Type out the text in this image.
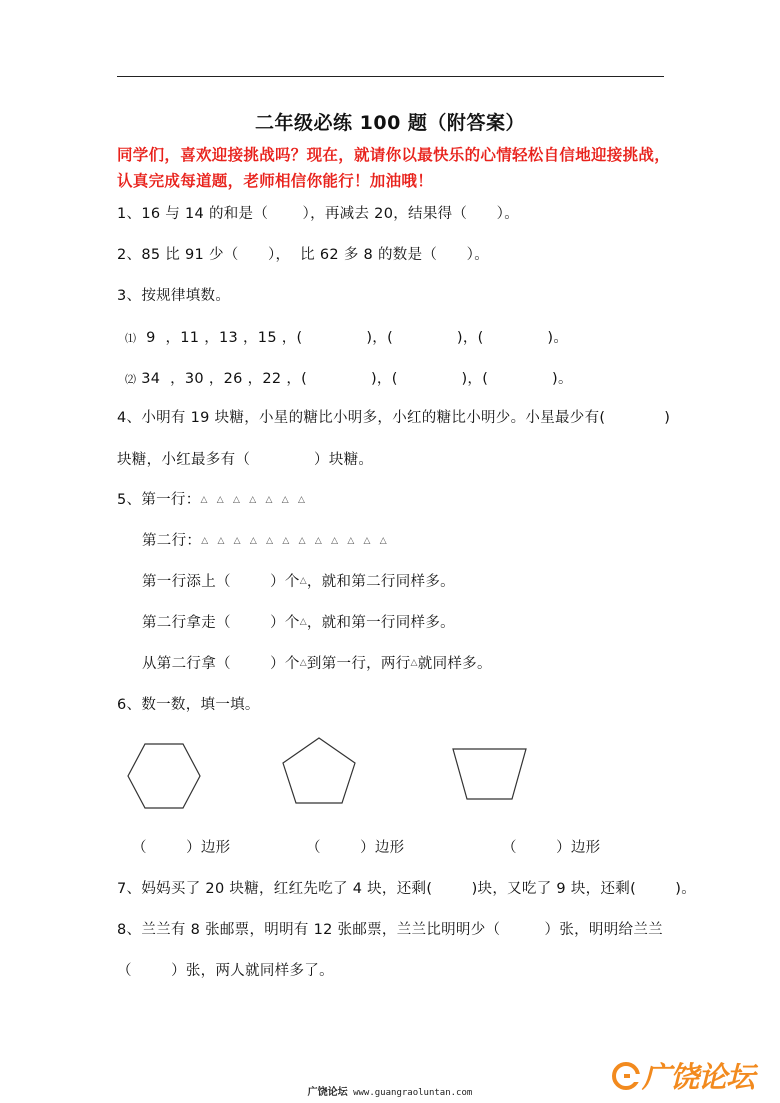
二年级必练 100 题（附答案）
同学们，喜欢迎接挑战吗？现在，就请你以最快乐的心情轻松自信地迎接挑战，
认真完成每道题，老师相信你能行！加油哦！
1、16 与 14 的和是（       ），再减去 20，结果得（      ）。
2、85 比 91 少（      ），  比 62 多 8 的数是（      ）。
3、按规律填数。
⑴  9  ，11 ，13 ，15 ，(             )，(             )，(             )。
⑵ 34  ，30 ，26 ，22 ，(             )，(             )，(             )。
4、小明有 19 块糖，小星的糖比小明多，小红的糖比小明少。小星最少有(            )
块糖，小红最多有（             ）块糖。
5、第一行：△ △ △ △ △ △ △
第二行：△ △ △ △ △ △ △ △ △ △ △ △
第一行添上（        ）个△，就和第二行同样多。
第二行拿走（        ）个△，就和第一行同样多。
从第二行拿（        ）个△到第一行，两行△就同样多。
6、数一数，填一填。
（        ）边形	（        ）边形	（        ）边形
7、妈妈买了 20 块糖，红红先吃了 4 块，还剩(        )块，又吃了 9 块，还剩(        )。
8、兰兰有 8 张邮票，明明有 12 张邮票，兰兰比明明少（         ）张，明明给兰兰
（        ）张，两人就同样多了。
广饶论坛 www.guangraoluntan.com	广饶论坛
